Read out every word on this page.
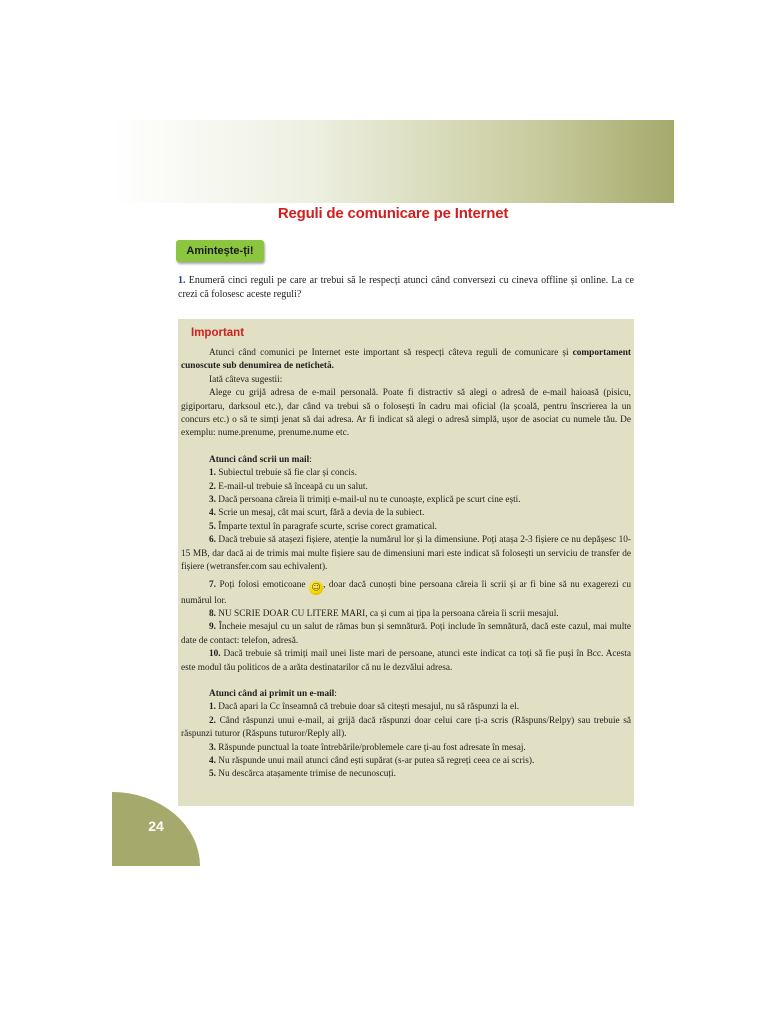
Reguli de comunicare pe Internet
Amintește-ți!
1. Enumeră cinci reguli pe care ar trebui să le respecți atunci când conversezi cu cineva offline și online. La ce crezi că folosesc aceste reguli?
Important

Atunci când comunici pe Internet este important să respecți câteva reguli de comunicare și comportament cunoscute sub denumirea de netichetă.

Iată câteva sugestii:

Alege cu grijă adresa de e-mail personală. Poate fi distractiv să alegi o adresă de e-mail haioasă (pisicu, gigiportaru, darksoul etc.), dar când va trebui să o folosești în cadru mai oficial (la școală, pentru înscrierea la un concurs etc.) o să te simți jenat să dai adresa. Ar fi indicat să alegi o adresă simplă, ușor de asociat cu numele tău. De exemplu: nume.prenume, prenume.nume etc.

Atunci când scrii un mail:

1. Subiectul trebuie să fie clar și concis.

2. E-mail-ul trebuie să înceapă cu un salut.

3. Dacă persoana căreia îi trimiți e-mail-ul nu te cunoaște, explică pe scurt cine ești.

4. Scrie un mesaj, cât mai scurt, fără a devia de la subiect.

5. Împarte textul în paragrafe scurte, scrise corect gramatical.

6. Dacă trebuie să atașezi fișiere, atenție la numărul lor și la dimensiune. Poți atașa 2-3 fișiere ce nu depășesc 10-15 MB, dar dacă ai de trimis mai multe fișiere sau de dimensiuni mari este indicat să folosești un serviciu de transfer de fișiere (wetransfer.com sau echivalent).

7. Poți folosi emoticoane ☺ , doar dacă cunoști bine persoana căreia îi scrii și ar fi bine să nu exagerezi cu numărul lor.

8. NU SCRIE DOAR CU LITERE MARI, ca și cum ai țipa la persoana căreia îi scrii mesajul.

9. Încheie mesajul cu un salut de rămas bun și semnătură. Poți include în semnătură, dacă este cazul, mai multe date de contact: telefon, adresă.

10. Dacă trebuie să trimiți mail unei liste mari de persoane, atunci este indicat ca toți să fie puși în Bcc. Acesta este modul tău politicos de a arăta destinatarilor că nu le dezvălui adresa.

Atunci când ai primit un e-mail:

1. Dacă apari la Cc înseamnă că trebuie doar să citești mesajul, nu să răspunzi la el.

2. Când răspunzi unui e-mail, ai grijă dacă răspunzi doar celui care ți-a scris (Răspuns/Relpy) sau trebuie să răspunzi tuturor (Răspuns tuturor/Reply all).

3. Răspunde punctual la toate întrebările/problemele care ți-au fost adresate în mesaj.

4. Nu răspunde unui mail atunci când ești supărat (s-ar putea să regreți ceea ce ai scris).

5. Nu descărca atașamente trimise de necunoscuți.

24
